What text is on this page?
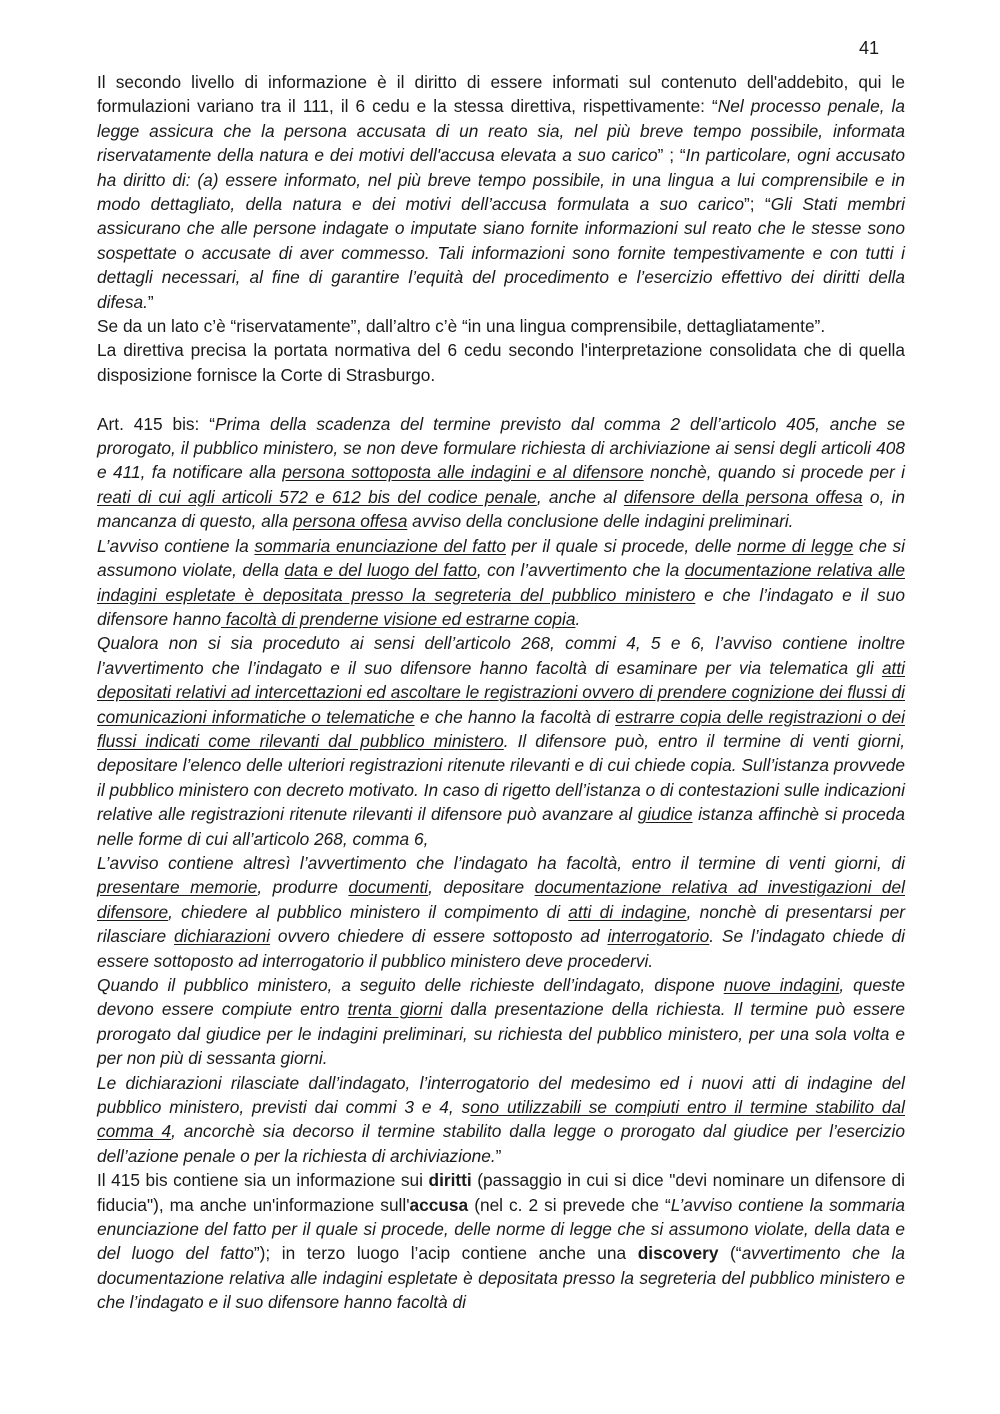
41

Il secondo livello di informazione è il diritto di essere informati sul contenuto dell'addebito, qui le formulazioni variano tra il 111, il 6 cedu e la stessa direttiva, rispettivamente: “Nel processo penale, la legge assicura che la persona accusata di un reato sia, nel più breve tempo possibile, informata riservatamente della natura e dei motivi dell'accusa elevata a suo carico” ; “In particolare, ogni accusato ha diritto di: (a) essere informato, nel più breve tempo possibile, in una lingua a lui comprensibile e in modo dettagliato, della natura e dei motivi dell’accusa formulata a suo carico”; “Gli Stati membri assicurano che alle persone indagate o imputate siano fornite informazioni sul reato che le stesse sono sospettate o accusate di aver commesso. Tali informazioni sono fornite tempestivamente e con tutti i dettagli necessari, al fine di garantire l’equità del procedimento e l’esercizio effettivo dei diritti della difesa.”

Se da un lato c’è “riservatamente”, dall’altro c’è “in una lingua comprensibile, dettagliatamente”.

La direttiva precisa la portata normativa del 6 cedu secondo l'interpretazione consolidata che di quella disposizione fornisce la Corte di Strasburgo.

Art. 415 bis: “Prima della scadenza del termine previsto dal comma 2 dell’articolo 405, anche se prorogato, il pubblico ministero, se non deve formulare richiesta di archiviazione ai sensi degli articoli 408 e 411, fa notificare alla persona sottoposta alle indagini e al difensore nonchè, quando si procede per i reati di cui agli articoli 572 e 612 bis del codice penale, anche al difensore della persona offesa o, in mancanza di questo, alla persona offesa avviso della conclusione delle indagini preliminari.

L’avviso contiene la sommaria enunciazione del fatto per il quale si procede, delle norme di legge che si assumono violate, della data e del luogo del fatto, con l’avvertimento che la documentazione relativa alle indagini espletate è depositata presso la segreteria del pubblico ministero e che l’indagato e il suo difensore hanno facoltà di prenderne visione ed estrarne copia.

Qualora non si sia proceduto ai sensi dell’articolo 268, commi 4, 5 e 6, l’avviso contiene inoltre l’avvertimento che l’indagato e il suo difensore hanno facoltà di esaminare per via telematica gli atti depositati relativi ad intercettazioni ed ascoltare le registrazioni ovvero di prendere cognizione dei flussi di comunicazioni informatiche o telematiche e che hanno la facoltà di estrarre copia delle registrazioni o dei flussi indicati come rilevanti dal pubblico ministero. Il difensore può, entro il termine di venti giorni, depositare l’elenco delle ulteriori registrazioni ritenute rilevanti e di cui chiede copia. Sull’istanza provvede il pubblico ministero con decreto motivato. In caso di rigetto dell’istanza o di contestazioni sulle indicazioni relative alle registrazioni ritenute rilevanti il difensore può avanzare al giudice istanza affinchè si proceda nelle forme di cui all’articolo 268, comma 6,

L’avviso contiene altresì l’avvertimento che l’indagato ha facoltà, entro il termine di venti giorni, di presentare memorie, produrre documenti, depositare documentazione relativa ad investigazioni del difensore, chiedere al pubblico ministero il compimento di atti di indagine, nonchè di presentarsi per rilasciare dichiarazioni ovvero chiedere di essere sottoposto ad interrogatorio. Se l’indagato chiede di essere sottoposto ad interrogatorio il pubblico ministero deve procedervi.

Quando il pubblico ministero, a seguito delle richieste dell’indagato, dispone nuove indagini, queste devono essere compiute entro trenta giorni dalla presentazione della richiesta. Il termine può essere prorogato dal giudice per le indagini preliminari, su richiesta del pubblico ministero, per una sola volta e per non più di sessanta giorni.

Le dichiarazioni rilasciate dall’indagato, l’interrogatorio del medesimo ed i nuovi atti di indagine del pubblico ministero, previsti dai commi 3 e 4, sono utilizzabili se compiuti entro il termine stabilito dal comma 4, ancorchè sia decorso il termine stabilito dalla legge o prorogato dal giudice per l’esercizio dell’azione penale o per la richiesta di archiviazione.”

Il 415 bis contiene sia un informazione sui diritti (passaggio in cui si dice "devi nominare un difensore di fiducia"), ma anche un'informazione sull'accusa (nel c. 2 si prevede che “L’avviso contiene la sommaria enunciazione del fatto per il quale si procede, delle norme di legge che si assumono violate, della data e del luogo del fatto”); in terzo luogo l’acip contiene anche una discovery (“avvertimento che la documentazione relativa alle indagini espletate è depositata presso la segreteria del pubblico ministero e che l’indagato e il suo difensore hanno facoltà di
